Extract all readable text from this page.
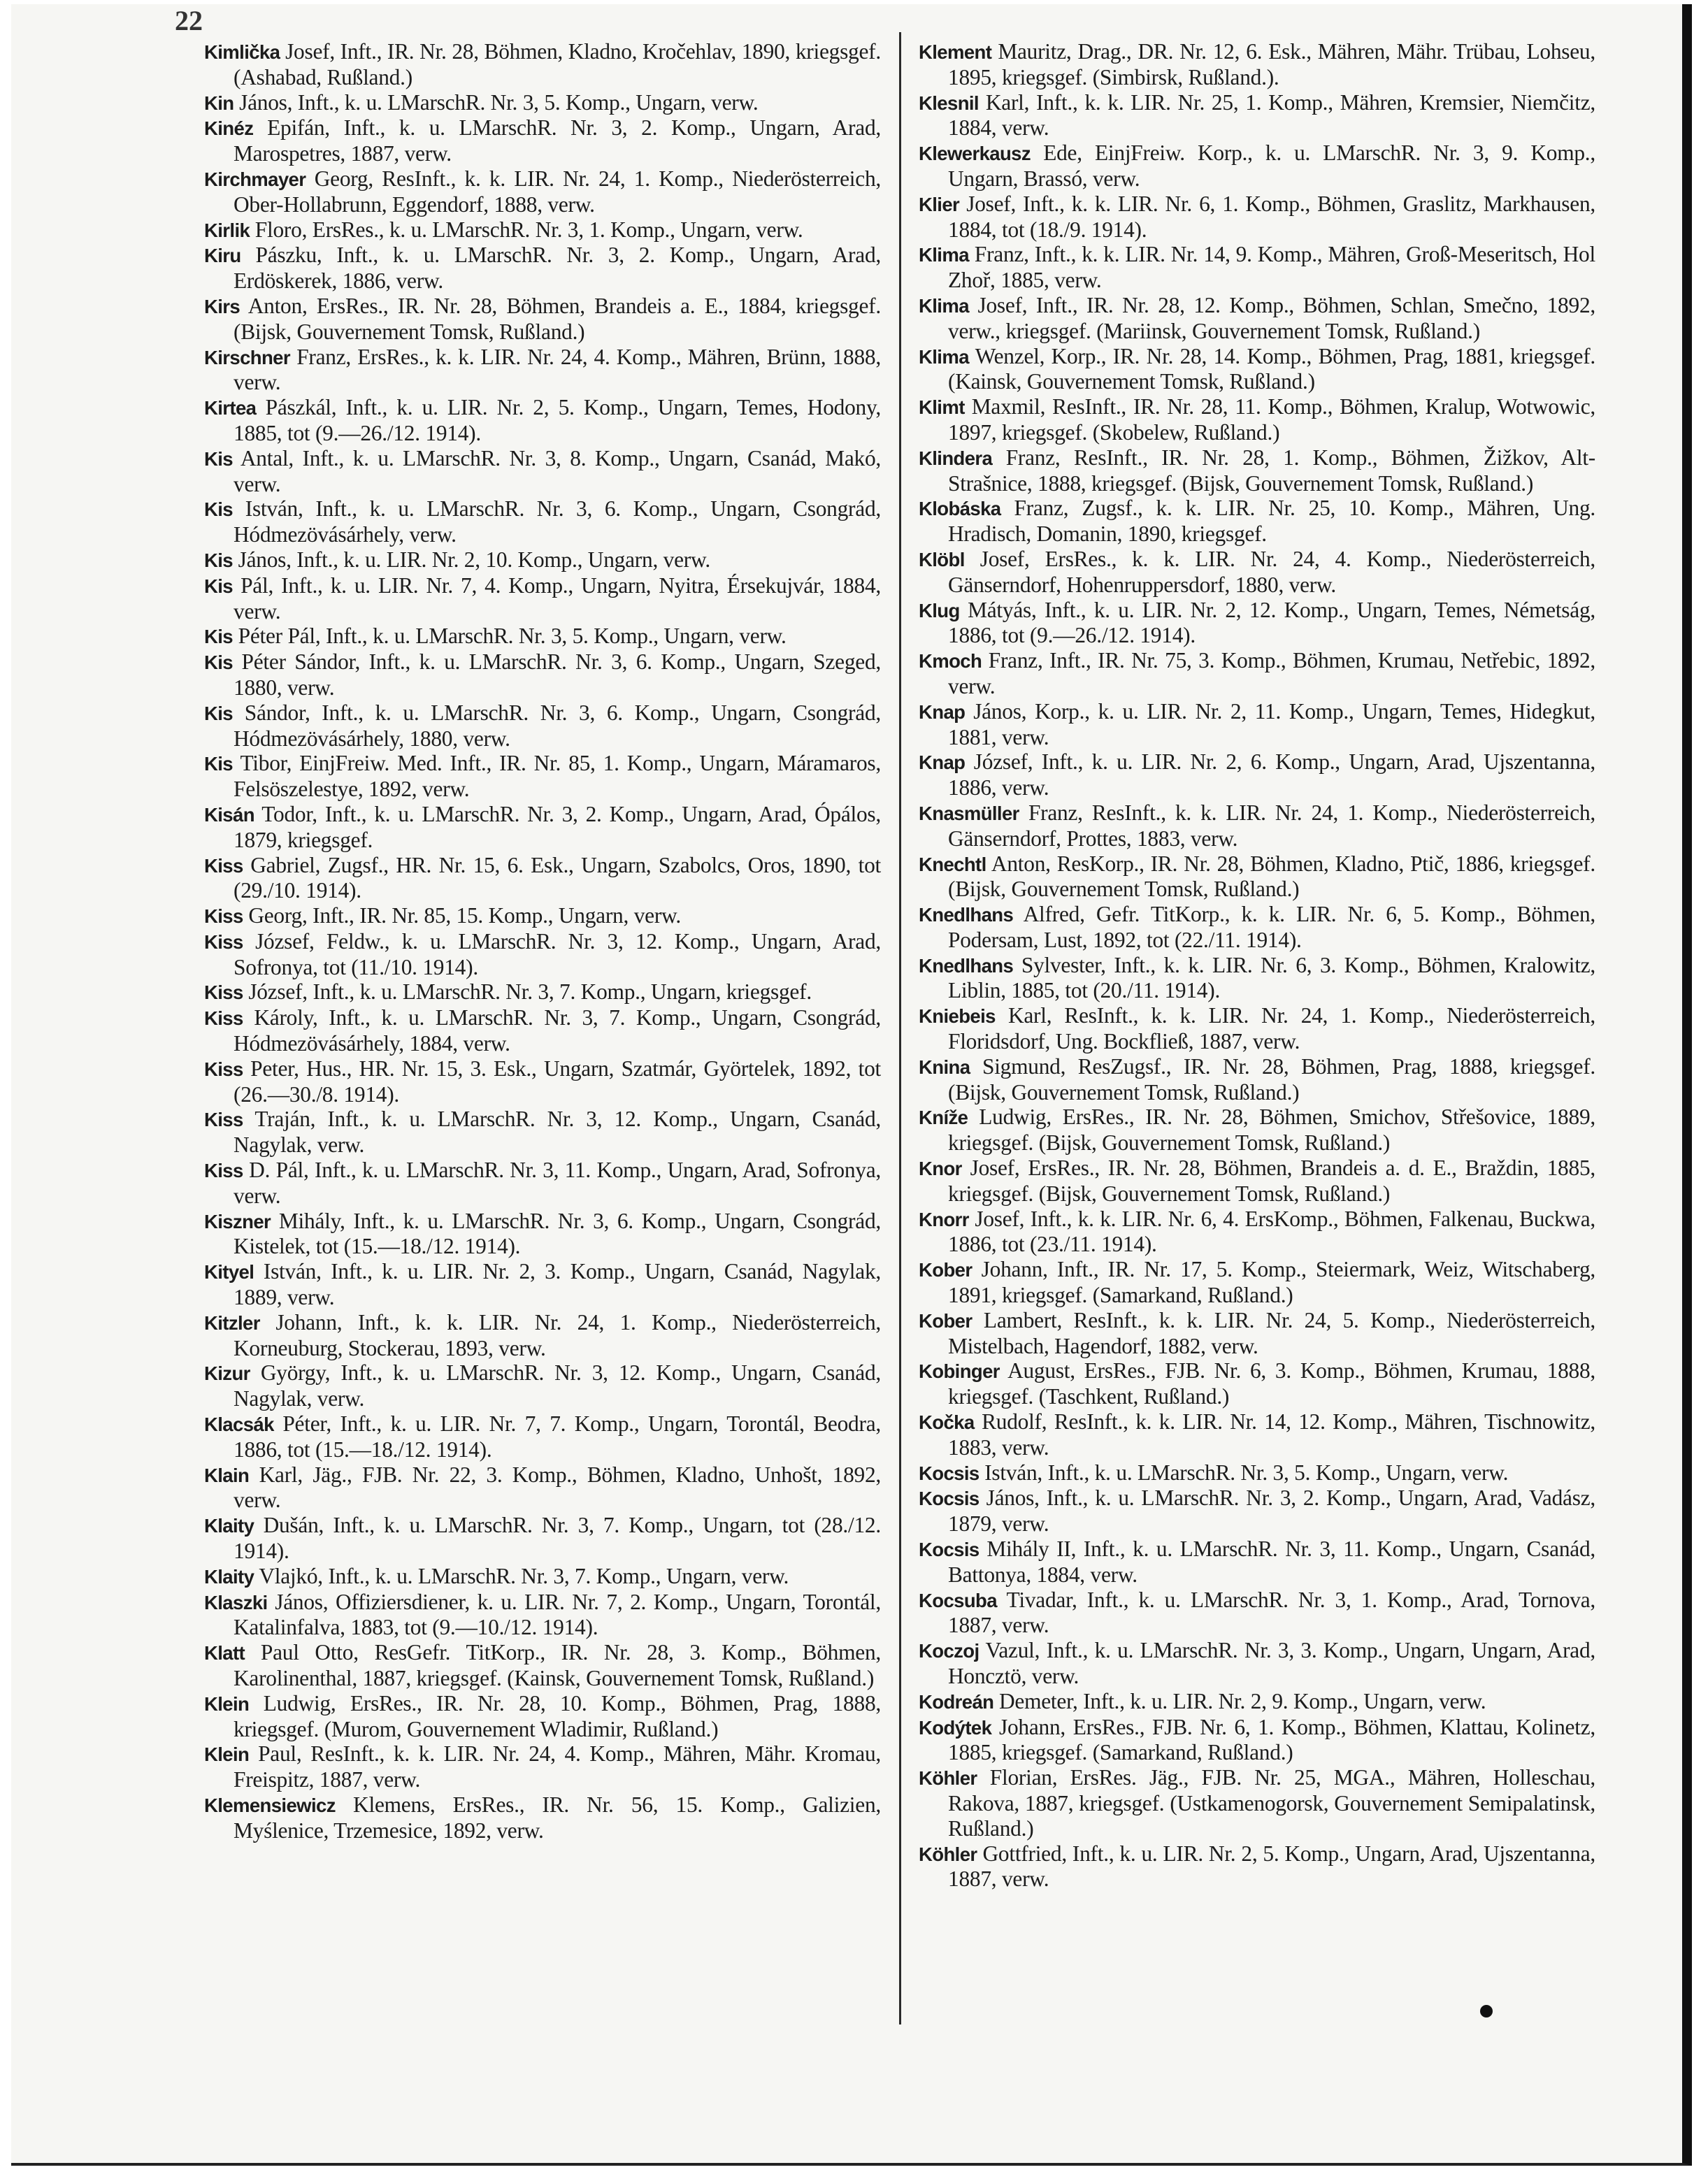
22

Kimlička Josef, Inft., IR. Nr. 28, Böhmen, Kladno, Kročehlav, 1890, kriegsgef. (Ashabad, Rußland.)

Kin János, Inft., k. u. LMarschR. Nr. 3, 5. Komp., Ungarn, verw.

Kinéz Epifán, Inft., k. u. LMarschR. Nr. 3, 2. Komp., Ungarn, Arad, Marospetres, 1887, verw.

Kirchmayer Georg, ResInft., k. k. LIR. Nr. 24, 1. Komp., Niederösterreich, Ober-Hollabrunn, Eggendorf, 1888, verw.

Kirlik Floro, ErsRes., k. u. LMarschR. Nr. 3, 1. Komp., Ungarn, verw.

Kiru Pászku, Inft., k. u. LMarschR. Nr. 3, 2. Komp., Ungarn, Arad, Erdöskerek, 1886, verw.

Kirs Anton, ErsRes., IR. Nr. 28, Böhmen, Brandeis a. E., 1884, kriegsgef. (Bijsk, Gouvernement Tomsk, Rußland.)

Kirschner Franz, ErsRes., k. k. LIR. Nr. 24, 4. Komp., Mähren, Brünn, 1888, verw.

Kirtea Pászkál, Inft., k. u. LIR. Nr. 2, 5. Komp., Ungarn, Temes, Hodony, 1885, tot (9.—26./12. 1914).

Kis Antal, Inft., k. u. LMarschR. Nr. 3, 8. Komp., Ungarn, Csanád, Makó, verw.

Kis István, Inft., k. u. LMarschR. Nr. 3, 6. Komp., Ungarn, Csongrád, Hódmezövásárhely, verw.

Kis János, Inft., k. u. LIR. Nr. 2, 10. Komp., Ungarn, verw.

Kis Pál, Inft., k. u. LIR. Nr. 7, 4. Komp., Ungarn, Nyitra, Érsekujvár, 1884, verw.

Kis Péter Pál, Inft., k. u. LMarschR. Nr. 3, 5. Komp., Ungarn, verw.

Kis Péter Sándor, Inft., k. u. LMarschR. Nr. 3, 6. Komp., Ungarn, Szeged, 1880, verw.

Kis Sándor, Inft., k. u. LMarschR. Nr. 3, 6. Komp., Ungarn, Csongrád, Hódmezövásárhely, 1880, verw.

Kis Tibor, EinjFreiw. Med. Inft., IR. Nr. 85, 1. Komp., Ungarn, Máramaros, Felsöszelestye, 1892, verw.

Kisán Todor, Inft., k. u. LMarschR. Nr. 3, 2. Komp., Ungarn, Arad, Ópálos, 1879, kriegsgef.

Kiss Gabriel, Zugsf., HR. Nr. 15, 6. Esk., Ungarn, Szabolcs, Oros, 1890, tot (29./10. 1914).

Kiss Georg, Inft., IR. Nr. 85, 15. Komp., Ungarn, verw.

Kiss József, Feldw., k. u. LMarschR. Nr. 3, 12. Komp., Ungarn, Arad, Sofronya, tot (11./10. 1914).

Kiss József, Inft., k. u. LMarschR. Nr. 3, 7. Komp., Ungarn, kriegsgef.

Kiss Károly, Inft., k. u. LMarschR. Nr. 3, 7. Komp., Ungarn, Csongrád, Hódmezövásárhely, 1884, verw.

Kiss Peter, Hus., HR. Nr. 15, 3. Esk., Ungarn, Szatmár, Györtelek, 1892, tot (26.—30./8. 1914).

Kiss Traján, Inft., k. u. LMarschR. Nr. 3, 12. Komp., Ungarn, Csanád, Nagylak, verw.

Kiss D. Pál, Inft., k. u. LMarschR. Nr. 3, 11. Komp., Ungarn, Arad, Sofronya, verw.

Kiszner Mihály, Inft., k. u. LMarschR. Nr. 3, 6. Komp., Ungarn, Csongrád, Kistelek, tot (15.—18./12. 1914).

Kityel István, Inft., k. u. LIR. Nr. 2, 3. Komp., Ungarn, Csanád, Nagylak, 1889, verw.

Kitzler Johann, Inft., k. k. LIR. Nr. 24, 1. Komp., Niederösterreich, Korneuburg, Stockerau, 1893, verw.

Kizur György, Inft., k. u. LMarschR. Nr. 3, 12. Komp., Ungarn, Csanád, Nagylak, verw.

Klacsák Péter, Inft., k. u. LIR. Nr. 7, 7. Komp., Ungarn, Torontál, Beodra, 1886, tot (15.—18./12. 1914).

Klain Karl, Jäg., FJB. Nr. 22, 3. Komp., Böhmen, Kladno, Unhošt, 1892, verw.

Klaity Dušán, Inft., k. u. LMarschR. Nr. 3, 7. Komp., Ungarn, tot (28./12. 1914).

Klaity Vlajkó, Inft., k. u. LMarschR. Nr. 3, 7. Komp., Ungarn, verw.

Klaszki János, Offiziersdiener, k. u. LIR. Nr. 7, 2. Komp., Ungarn, Torontál, Katalinfalva, 1883, tot (9.—10./12. 1914).

Klatt Paul Otto, ResGefr. TitKorp., IR. Nr. 28, 3. Komp., Böhmen, Karolinenthal, 1887, kriegsgef. (Kainsk, Gouvernement Tomsk, Rußland.)

Klein Ludwig, ErsRes., IR. Nr. 28, 10. Komp., Böhmen, Prag, 1888, kriegsgef. (Murom, Gouvernement Wladimir, Rußland.)

Klein Paul, ResInft., k. k. LIR. Nr. 24, 4. Komp., Mähren, Mähr. Kromau, Freispitz, 1887, verw.

Klemensiewicz Klemens, ErsRes., IR. Nr. 56, 15. Komp., Galizien, Myślenice, Trzemesice, 1892, verw.

Klement Mauritz, Drag., DR. Nr. 12, 6. Esk., Mähren, Mähr. Trübau, Lohseu, 1895, kriegsgef. (Simbirsk, Rußland.).

Klesnil Karl, Inft., k. k. LIR. Nr. 25, 1. Komp., Mähren, Kremsier, Niemčitz, 1884, verw.

Klewerkausz Ede, EinjFreiw. Korp., k. u. LMarschR. Nr. 3, 9. Komp., Ungarn, Brassó, verw.

Klier Josef, Inft., k. k. LIR. Nr. 6, 1. Komp., Böhmen, Graslitz, Markhausen, 1884, tot (18./9. 1914).

Klima Franz, Inft., k. k. LIR. Nr. 14, 9. Komp., Mähren, Groß-Meseritsch, Hol Zhoř, 1885, verw.

Klima Josef, Inft., IR. Nr. 28, 12. Komp., Böhmen, Schlan, Smečno, 1892, verw., kriegsgef. (Mariinsk, Gouvernement Tomsk, Rußland.)

Klima Wenzel, Korp., IR. Nr. 28, 14. Komp., Böhmen, Prag, 1881, kriegsgef. (Kainsk, Gouvernement Tomsk, Rußland.)

Klimt Maxmil, ResInft., IR. Nr. 28, 11. Komp., Böhmen, Kralup, Wotwowic, 1897, kriegsgef. (Skobelew, Rußland.)

Klindera Franz, ResInft., IR. Nr. 28, 1. Komp., Böhmen, Žižkov, Alt-Strašnice, 1888, kriegsgef. (Bijsk, Gouvernement Tomsk, Rußland.)

Klobáska Franz, Zugsf., k. k. LIR. Nr. 25, 10. Komp., Mähren, Ung. Hradisch, Domanin, 1890, kriegsgef.

Klöbl Josef, ErsRes., k. k. LIR. Nr. 24, 4. Komp., Niederösterreich, Gänserndorf, Hohenruppersdorf, 1880, verw.

Klug Mátyás, Inft., k. u. LIR. Nr. 2, 12. Komp., Ungarn, Temes, Németság, 1886, tot (9.—26./12. 1914).

Kmoch Franz, Inft., IR. Nr. 75, 3. Komp., Böhmen, Krumau, Netřebic, 1892, verw.

Knap János, Korp., k. u. LIR. Nr. 2, 11. Komp., Ungarn, Temes, Hidegkut, 1881, verw.

Knap József, Inft., k. u. LIR. Nr. 2, 6. Komp., Ungarn, Arad, Ujszentanna, 1886, verw.

Knasmüller Franz, ResInft., k. k. LIR. Nr. 24, 1. Komp., Niederösterreich, Gänserndorf, Prottes, 1883, verw.

Knechtl Anton, ResKorp., IR. Nr. 28, Böhmen, Kladno, Ptič, 1886, kriegsgef. (Bijsk, Gouvernement Tomsk, Rußland.)

Knedlhans Alfred, Gefr. TitKorp., k. k. LIR. Nr. 6, 5. Komp., Böhmen, Podersam, Lust, 1892, tot (22./11. 1914).

Knedlhans Sylvester, Inft., k. k. LIR. Nr. 6, 3. Komp., Böhmen, Kralowitz, Liblin, 1885, tot (20./11. 1914).

Kniebeis Karl, ResInft., k. k. LIR. Nr. 24, 1. Komp., Niederösterreich, Floridsdorf, Ung. Bockfließ, 1887, verw.

Knina Sigmund, ResZugsf., IR. Nr. 28, Böhmen, Prag, 1888, kriegsgef. (Bijsk, Gouvernement Tomsk, Rußland.)

Kníže Ludwig, ErsRes., IR. Nr. 28, Böhmen, Smichov, Střešovice, 1889, kriegsgef. (Bijsk, Gouvernement Tomsk, Rußland.)

Knor Josef, ErsRes., IR. Nr. 28, Böhmen, Brandeis a. d. E., Braždin, 1885, kriegsgef. (Bijsk, Gouvernement Tomsk, Rußland.)

Knorr Josef, Inft., k. k. LIR. Nr. 6, 4. ErsKomp., Böhmen, Falkenau, Buckwa, 1886, tot (23./11. 1914).

Kober Johann, Inft., IR. Nr. 17, 5. Komp., Steiermark, Weiz, Witschaberg, 1891, kriegsgef. (Samarkand, Rußland.)

Kober Lambert, ResInft., k. k. LIR. Nr. 24, 5. Komp., Niederösterreich, Mistelbach, Hagendorf, 1882, verw.

Kobinger August, ErsRes., FJB. Nr. 6, 3. Komp., Böhmen, Krumau, 1888, kriegsgef. (Taschkent, Rußland.)

Kočka Rudolf, ResInft., k. k. LIR. Nr. 14, 12. Komp., Mähren, Tischnowitz, 1883, verw.

Kocsis István, Inft., k. u. LMarschR. Nr. 3, 5. Komp., Ungarn, verw.

Kocsis János, Inft., k. u. LMarschR. Nr. 3, 2. Komp., Ungarn, Arad, Vadász, 1879, verw.

Kocsis Mihály II, Inft., k. u. LMarschR. Nr. 3, 11. Komp., Ungarn, Csanád, Battonya, 1884, verw.

Kocsuba Tivadar, Inft., k. u. LMarschR. Nr. 3, 1. Komp., Arad, Tornova, 1887, verw.

Koczoj Vazul, Inft., k. u. LMarschR. Nr. 3, 3. Komp., Ungarn, Ungarn, Arad, Honcztö, verw.

Kodreán Demeter, Inft., k. u. LIR. Nr. 2, 9. Komp., Ungarn, verw.

Kodýtek Johann, ErsRes., FJB. Nr. 6, 1. Komp., Böhmen, Klattau, Kolinetz, 1885, kriegsgef. (Samarkand, Rußland.)

Köhler Florian, ErsRes. Jäg., FJB. Nr. 25, MGA., Mähren, Holleschau, Rakova, 1887, kriegsgef. (Ustkamenogorsk, Gouvernement Semipalatinsk, Rußland.)

Köhler Gottfried, Inft., k. u. LIR. Nr. 2, 5. Komp., Ungarn, Arad, Ujszentanna, 1887, verw.
